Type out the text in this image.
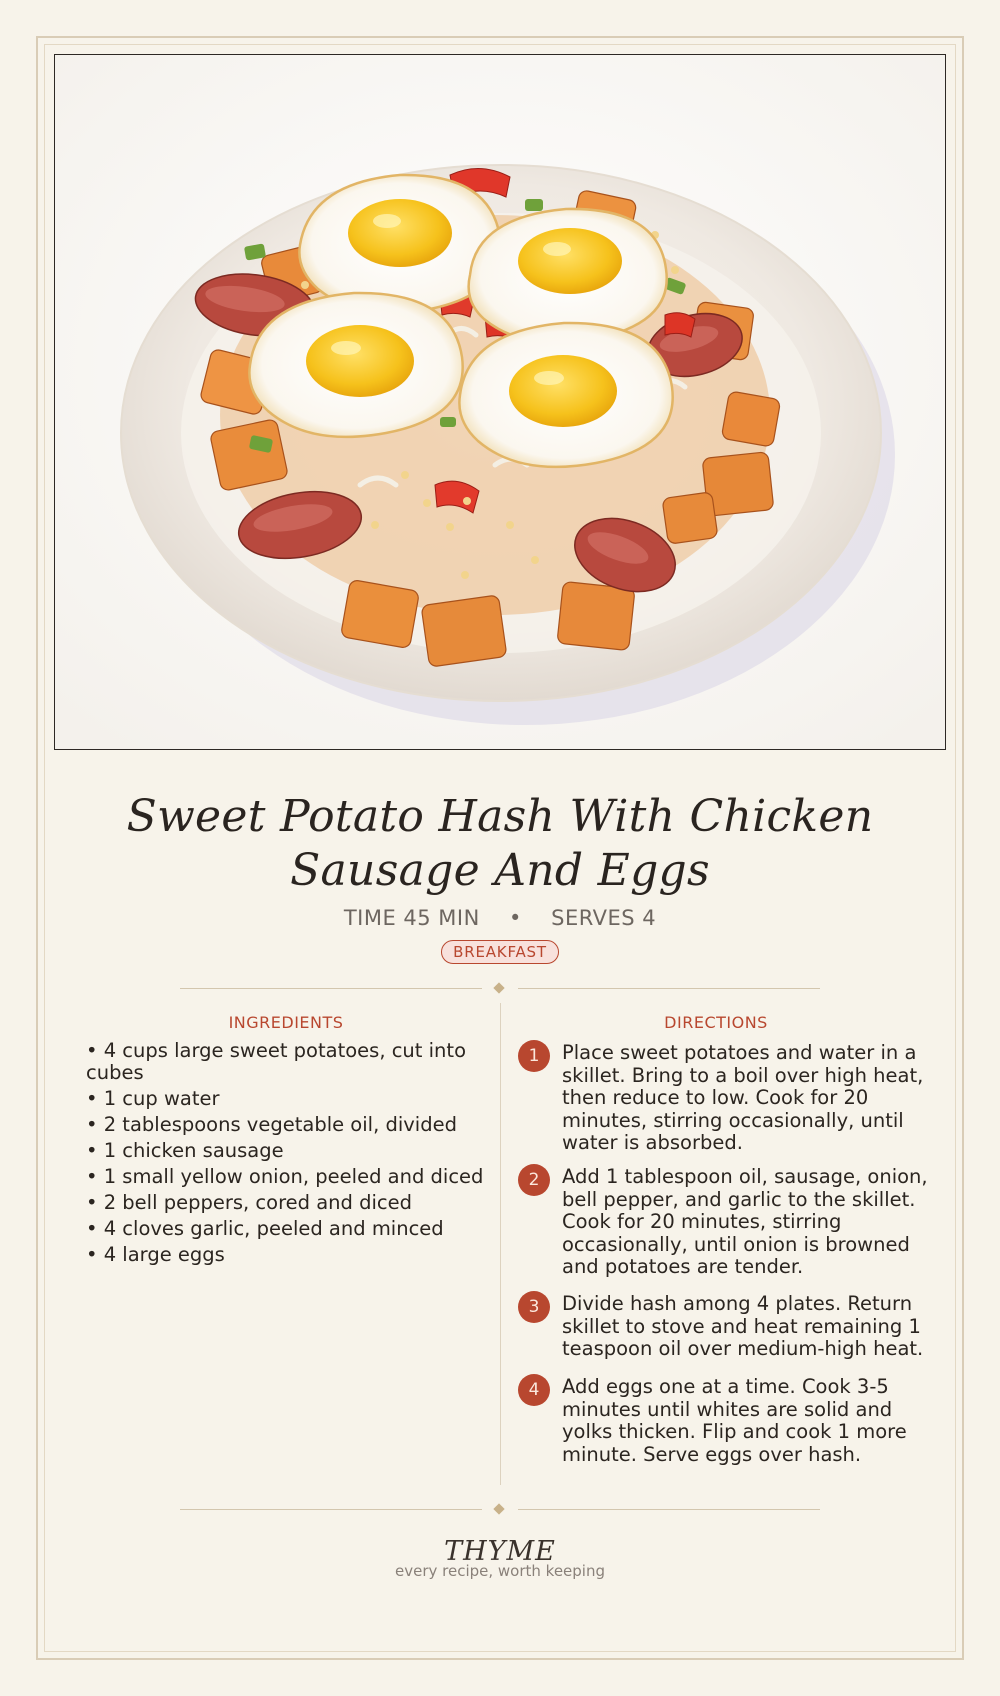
Sweet Potato Hash With Chicken Sausage And Eggs
TIME 45 MIN • SERVES 4
BREAKFAST
INGREDIENTS
• 4 cups large sweet potatoes, cut into cubes
• 1 cup water
• 2 tablespoons vegetable oil, divided
• 1 chicken sausage
• 1 small yellow onion, peeled and diced
• 2 bell peppers, cored and diced
• 4 cloves garlic, peeled and minced
• 4 large eggs
DIRECTIONS
1	Place sweet potatoes and water in a skillet. Bring to a boil over high heat, then reduce to low. Cook for 20 minutes, stirring occasionally, until water is absorbed.
2	Add 1 tablespoon oil, sausage, onion, bell pepper, and garlic to the skillet. Cook for 20 minutes, stirring occasionally, until onion is browned and potatoes are tender.
3	Divide hash among 4 plates. Return skillet to stove and heat remaining 1 teaspoon oil over medium-high heat.
4	Add eggs one at a time. Cook 3-5 minutes until whites are solid and yolks thicken. Flip and cook 1 more minute. Serve eggs over hash.
THYME
every recipe, worth keeping
